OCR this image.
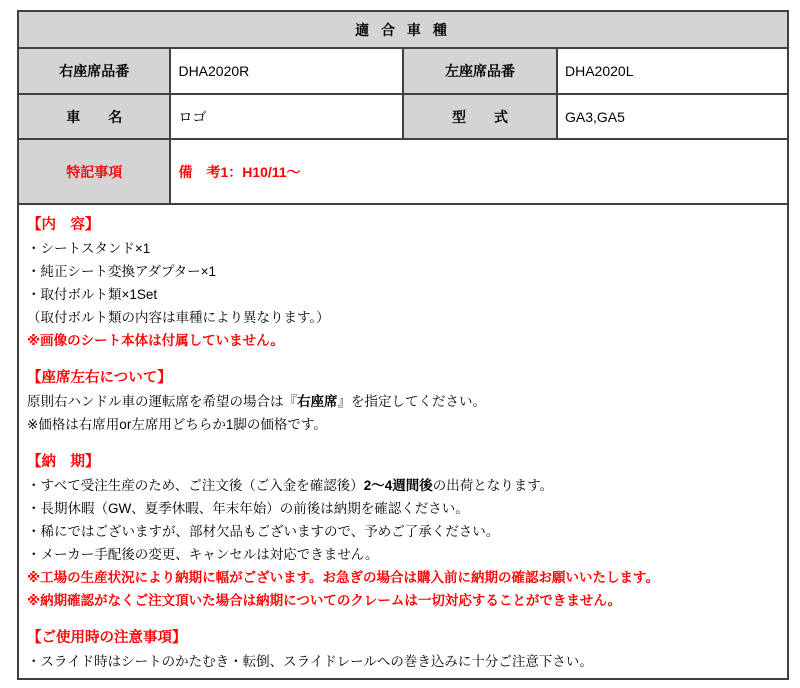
適 合 車 種			
右座席品番	DHA2020R	左座席品番	DHA2020L
車　　名	ロゴ	型　　式	GA3,GA5
特記事項	備　考1：H10/11～		
【内　容】
・シートスタンド×1
・純正シート変換アダプター×1
・取付ボルト類×1Set
（取付ボルト類の内容は車種により異なります。）
※画像のシート本体は付属していません。
【座席左右について】
原則右ハンドル車の運転席を希望の場合は『右座席』を指定してください。
※価格は右席用or左席用どちらか1脚の価格です。
【納　期】
・すべて受注生産のため、ご注文後（ご入金を確認後）2～4週間後の出荷となります。
・長期休暇（GW、夏季休暇、年末年始）の前後は納期を確認ください。
・稀にではございますが、部材欠品もございますので、予めご了承ください。
・メーカー手配後の変更、キャンセルは対応できません。
※工場の生産状況により納期に幅がございます。お急ぎの場合は購入前に納期の確認お願いいたします。
※納期確認がなくご注文頂いた場合は納期についてのクレームは一切対応することができません。
【ご使用時の注意事項】
・スライド時はシートのかたむき・転倒、スライドレールへの巻き込みに十分ご注意下さい。
